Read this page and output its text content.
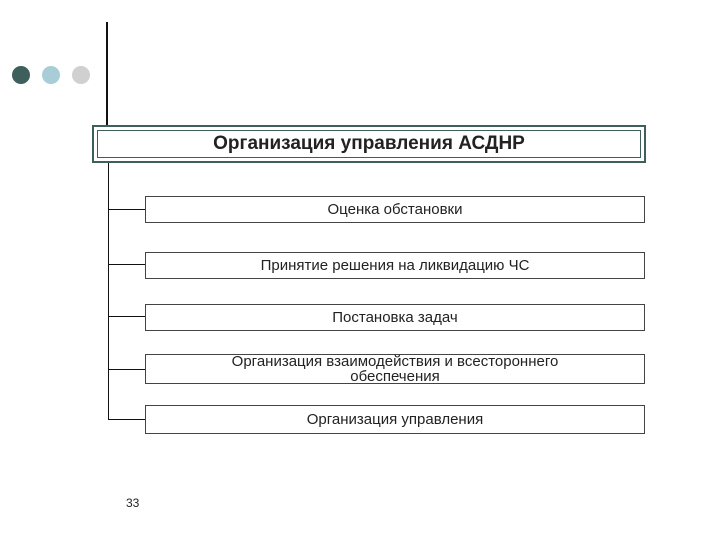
Организация управления АСДНР
Оценка обстановки
Принятие решения на ликвидацию ЧС
Постановка задач
Организация взаимодействия и всестороннего обеспечения
Организация управления
33
